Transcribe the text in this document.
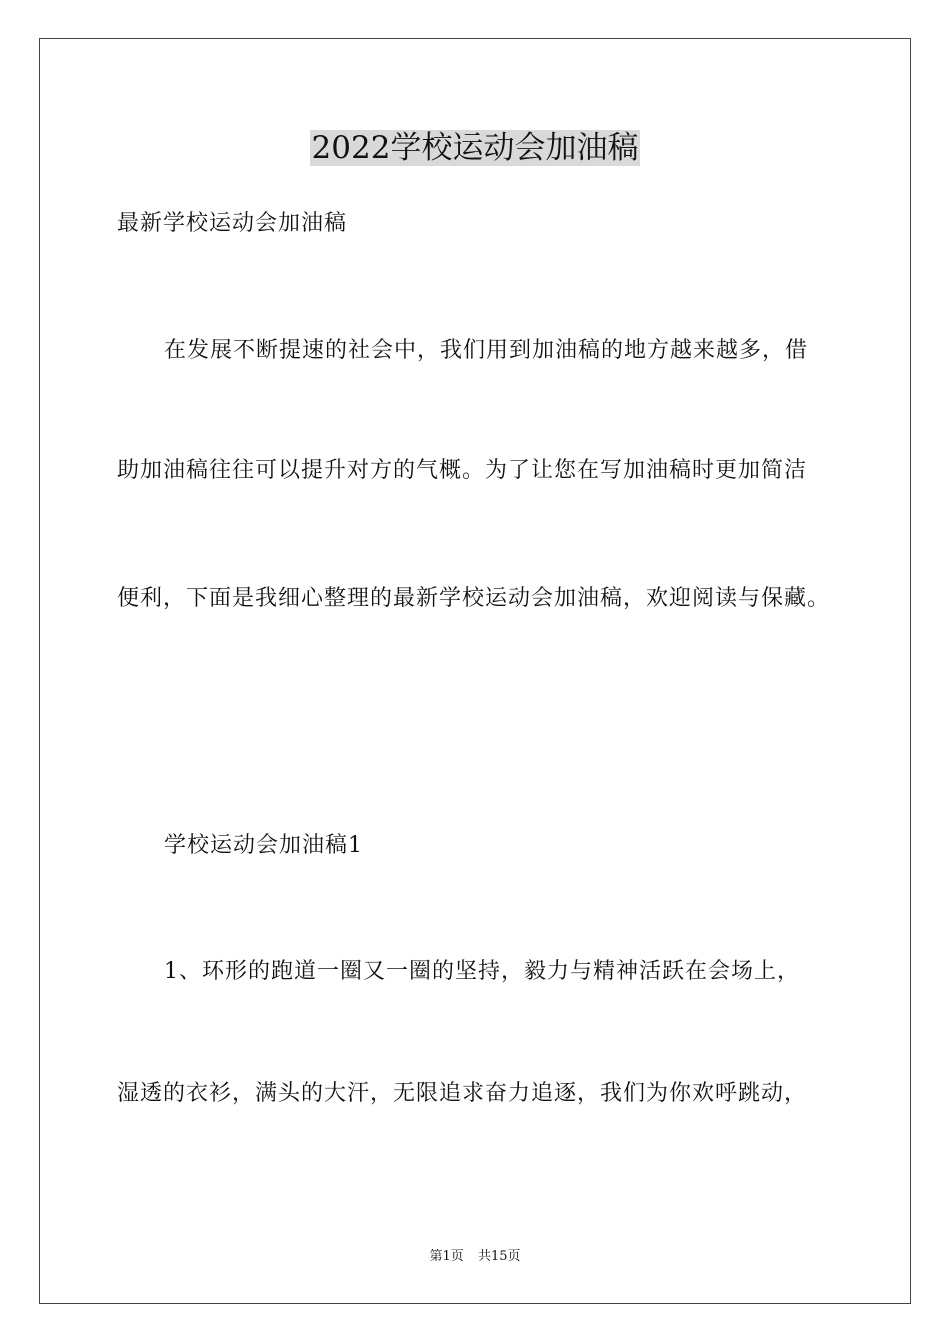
2022学校运动会加油稿
最新学校运动会加油稿
在发展不断提速的社会中，我们用到加油稿的地方越来越多，借
助加油稿往往可以提升对方的气概。为了让您在写加油稿时更加简洁
便利，下面是我细心整理的最新学校运动会加油稿，欢迎阅读与保藏。
学校运动会加油稿1
1、环形的跑道一圈又一圈的坚持，毅力与精神活跃在会场上，
湿透的衣衫，满头的大汗，无限追求奋力追逐，我们为你欢呼跳动，
第1页 共15页
